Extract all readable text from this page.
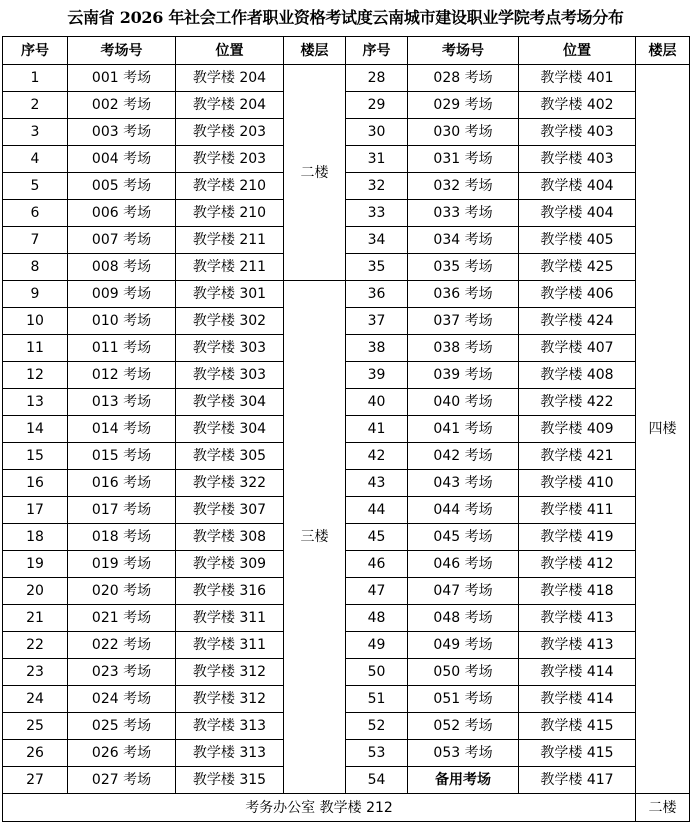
云南省 2026 年社会工作者职业资格考试度云南城市建设职业学院考点考场分布
序号	考场号	位置	楼层	序号	考场号	位置	楼层
1	001 考场	教学楼 204	二楼	28	028 考场	教学楼 401	四楼
2	002 考场	教学楼 204		29	029 考场	教学楼 402	
3	003 考场	教学楼 203		30	030 考场	教学楼 403	
4	004 考场	教学楼 203		31	031 考场	教学楼 403	
5	005 考场	教学楼 210		32	032 考场	教学楼 404	
6	006 考场	教学楼 210		33	033 考场	教学楼 404	
7	007 考场	教学楼 211		34	034 考场	教学楼 405	
8	008 考场	教学楼 211		35	035 考场	教学楼 425	
9	009 考场	教学楼 301	三楼	36	036 考场	教学楼 406	
10	010 考场	教学楼 302		37	037 考场	教学楼 424	
11	011 考场	教学楼 303		38	038 考场	教学楼 407	
12	012 考场	教学楼 303		39	039 考场	教学楼 408	
13	013 考场	教学楼 304		40	040 考场	教学楼 422	
14	014 考场	教学楼 304		41	041 考场	教学楼 409	
15	015 考场	教学楼 305		42	042 考场	教学楼 421	
16	016 考场	教学楼 322		43	043 考场	教学楼 410	
17	017 考场	教学楼 307		44	044 考场	教学楼 411	
18	018 考场	教学楼 308		45	045 考场	教学楼 419	
19	019 考场	教学楼 309		46	046 考场	教学楼 412	
20	020 考场	教学楼 316		47	047 考场	教学楼 418	
21	021 考场	教学楼 311		48	048 考场	教学楼 413	
22	022 考场	教学楼 311		49	049 考场	教学楼 413	
23	023 考场	教学楼 312		50	050 考场	教学楼 414	
24	024 考场	教学楼 312		51	051 考场	教学楼 414	
25	025 考场	教学楼 313		52	052 考场	教学楼 415	
26	026 考场	教学楼 313		53	053 考场	教学楼 415	
27	027 考场	教学楼 315		54	备用考场	教学楼 417	
考务办公室 教学楼 212							二楼
